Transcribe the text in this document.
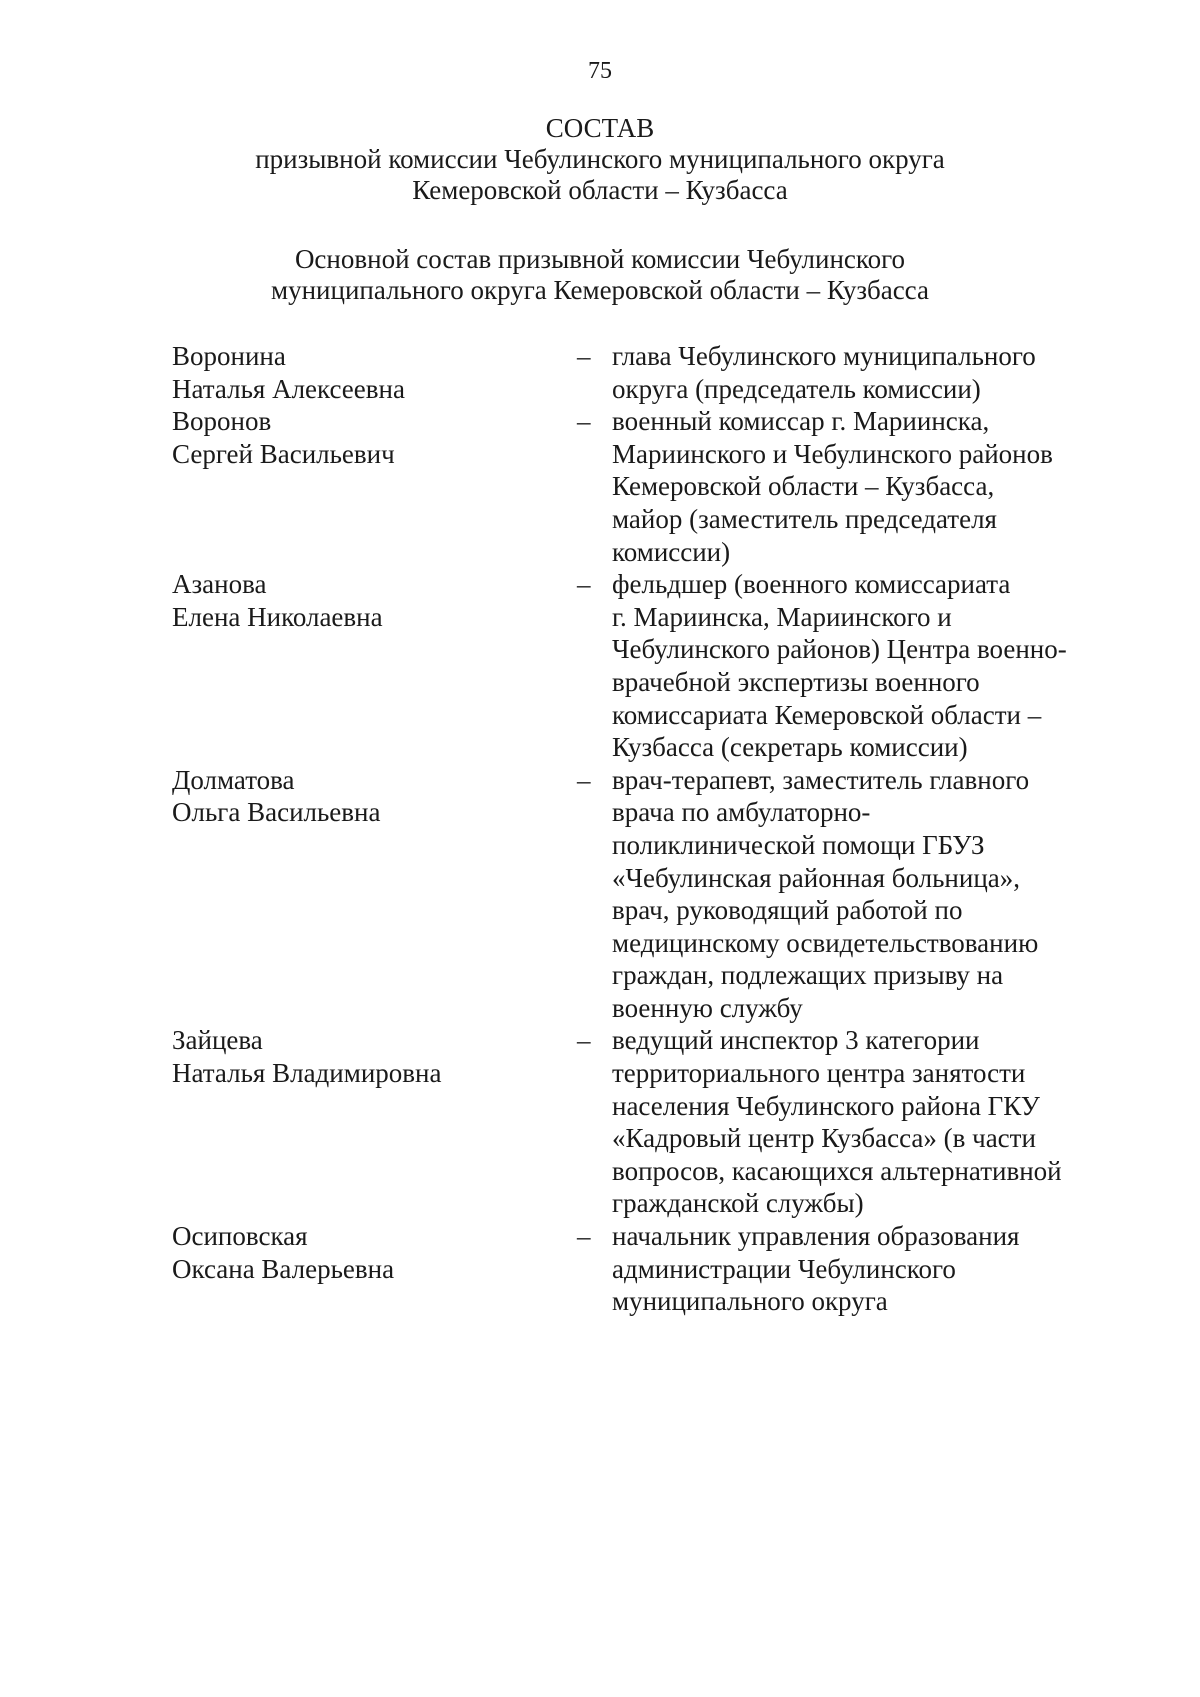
75
СОСТАВ
призывной комиссии Чебулинского муниципального округа
Кемеровской области – Кузбасса
Основной состав призывной комиссии Чебулинского
муниципального округа Кемеровской области – Кузбасса
Воронина
Наталья Алексеевна
– глава Чебулинского муниципального
округа (председатель комиссии)
Воронов
Сергей Васильевич
– военный комиссар г. Мариинска,
Мариинского и Чебулинского районов
Кемеровской области – Кузбасса,
майор (заместитель председателя
комиссии)
Азанова
Елена Николаевна
– фельдшер (военного комиссариата
г. Мариинска, Мариинского и
Чебулинского районов) Центра военно-
врачебной экспертизы военного
комиссариата Кемеровской области –
Кузбасса (секретарь комиссии)
Долматова
Ольга Васильевна
– врач-терапевт, заместитель главного
врача по амбулаторно-
поликлинической помощи ГБУЗ
«Чебулинская районная больница»,
врач, руководящий работой по
медицинскому освидетельствованию
граждан, подлежащих призыву на
военную службу
Зайцева
Наталья Владимировна
– ведущий инспектор 3 категории
территориального центра занятости
населения Чебулинского района ГКУ
«Кадровый центр Кузбасса» (в части
вопросов, касающихся альтернативной
гражданской службы)
Осиповская
Оксана Валерьевна
– начальник управления образования
администрации Чебулинского
муниципального округа
